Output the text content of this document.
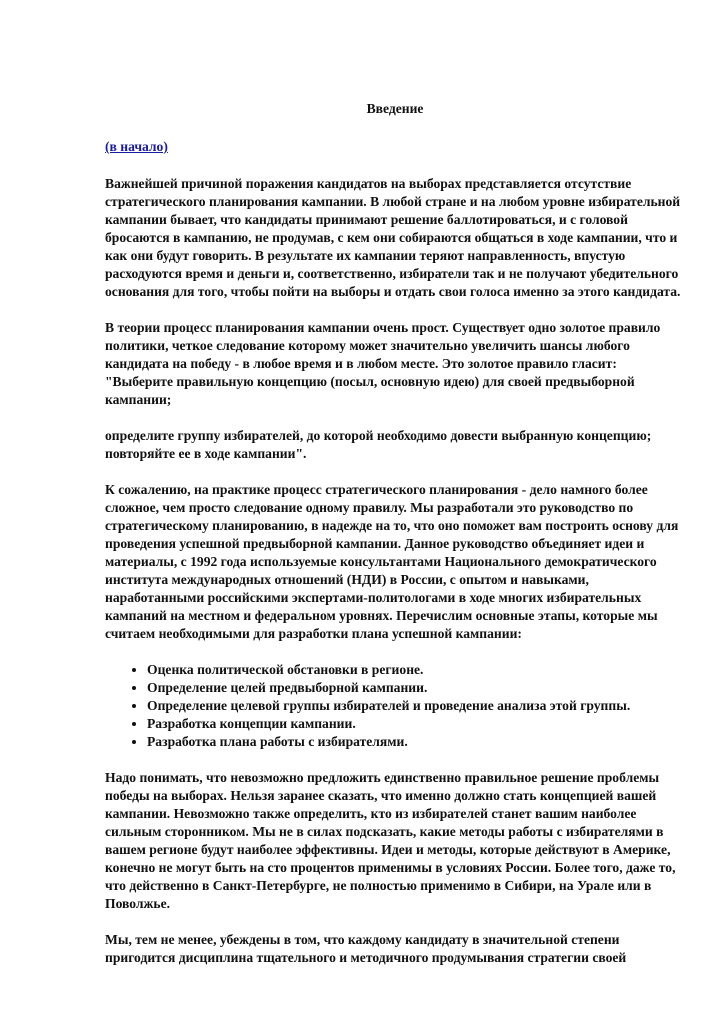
Введение
(в начало)

Важнейшей причиной поражения кандидатов на выборах представляется отсутствие стратегического планирования кампании. В любой стране и на любом уровне избирательной кампании бывает, что кандидаты принимают решение баллотироваться, и с головой бросаются в кампанию, не продумав, с кем они собираются общаться в ходе кампании, что и как они будут говорить. В результате их кампании теряют направленность, впустую расходуются время и деньги и, соответственно, избиратели так и не получают убедительного основания для того, чтобы пойти на выборы и отдать свои голоса именно за этого кандидата.

В теории процесс планирования кампании очень прост. Существует одно золотое правило политики, четкое следование которому может значительно увеличить шансы любого кандидата на победу - в любое время и в любом месте. Это золотое правило гласит: "Выберите правильную концепцию (посыл, основную идею) для своей предвыборной кампании;

определите группу избирателей, до которой необходимо довести выбранную концепцию; повторяйте ее в ходе кампании".

К сожалению, на практике процесс стратегического планирования - дело намного более сложное, чем просто следование одному правилу. Мы разработали это руководство по стратегическому планированию, в надежде на то, что оно поможет вам построить основу для проведения успешной предвыборной кампании. Данное руководство объединяет идеи и материалы, с 1992 года используемые консультантами Национального демократического института международных отношений (НДИ) в России, с опытом и навыками, наработанными российскими экспертами-политологами в ходе многих избирательных кампаний на местном и федеральном уровнях. Перечислим основные этапы, которые мы считаем необходимыми для разработки плана успешной кампании:

• Оценка политической обстановки в регионе.
• Определение целей предвыборной кампании.
• Определение целевой группы избирателей и проведение анализа этой группы.
• Разработка концепции кампании.
• Разработка плана работы с избирателями.

Надо понимать, что невозможно предложить единственно правильное решение проблемы победы на выборах. Нельзя заранее сказать, что именно должно стать концепцией вашей кампании. Невозможно также определить, кто из избирателей станет вашим наиболее сильным сторонником. Мы не в силах подсказать, какие методы работы с избирателями в вашем регионе будут наиболее эффективны. Идеи и методы, которые действуют в Америке, конечно не могут быть на сто процентов применимы в условиях России. Более того, даже то, что действенно в Санкт-Петербурге, не полностью применимо в Сибири, на Урале или в Поволжье.

Мы, тем не менее, убеждены в том, что каждому кандидату в значительной степени пригодится дисциплина тщательного и методичного продумывания стратегии своей
